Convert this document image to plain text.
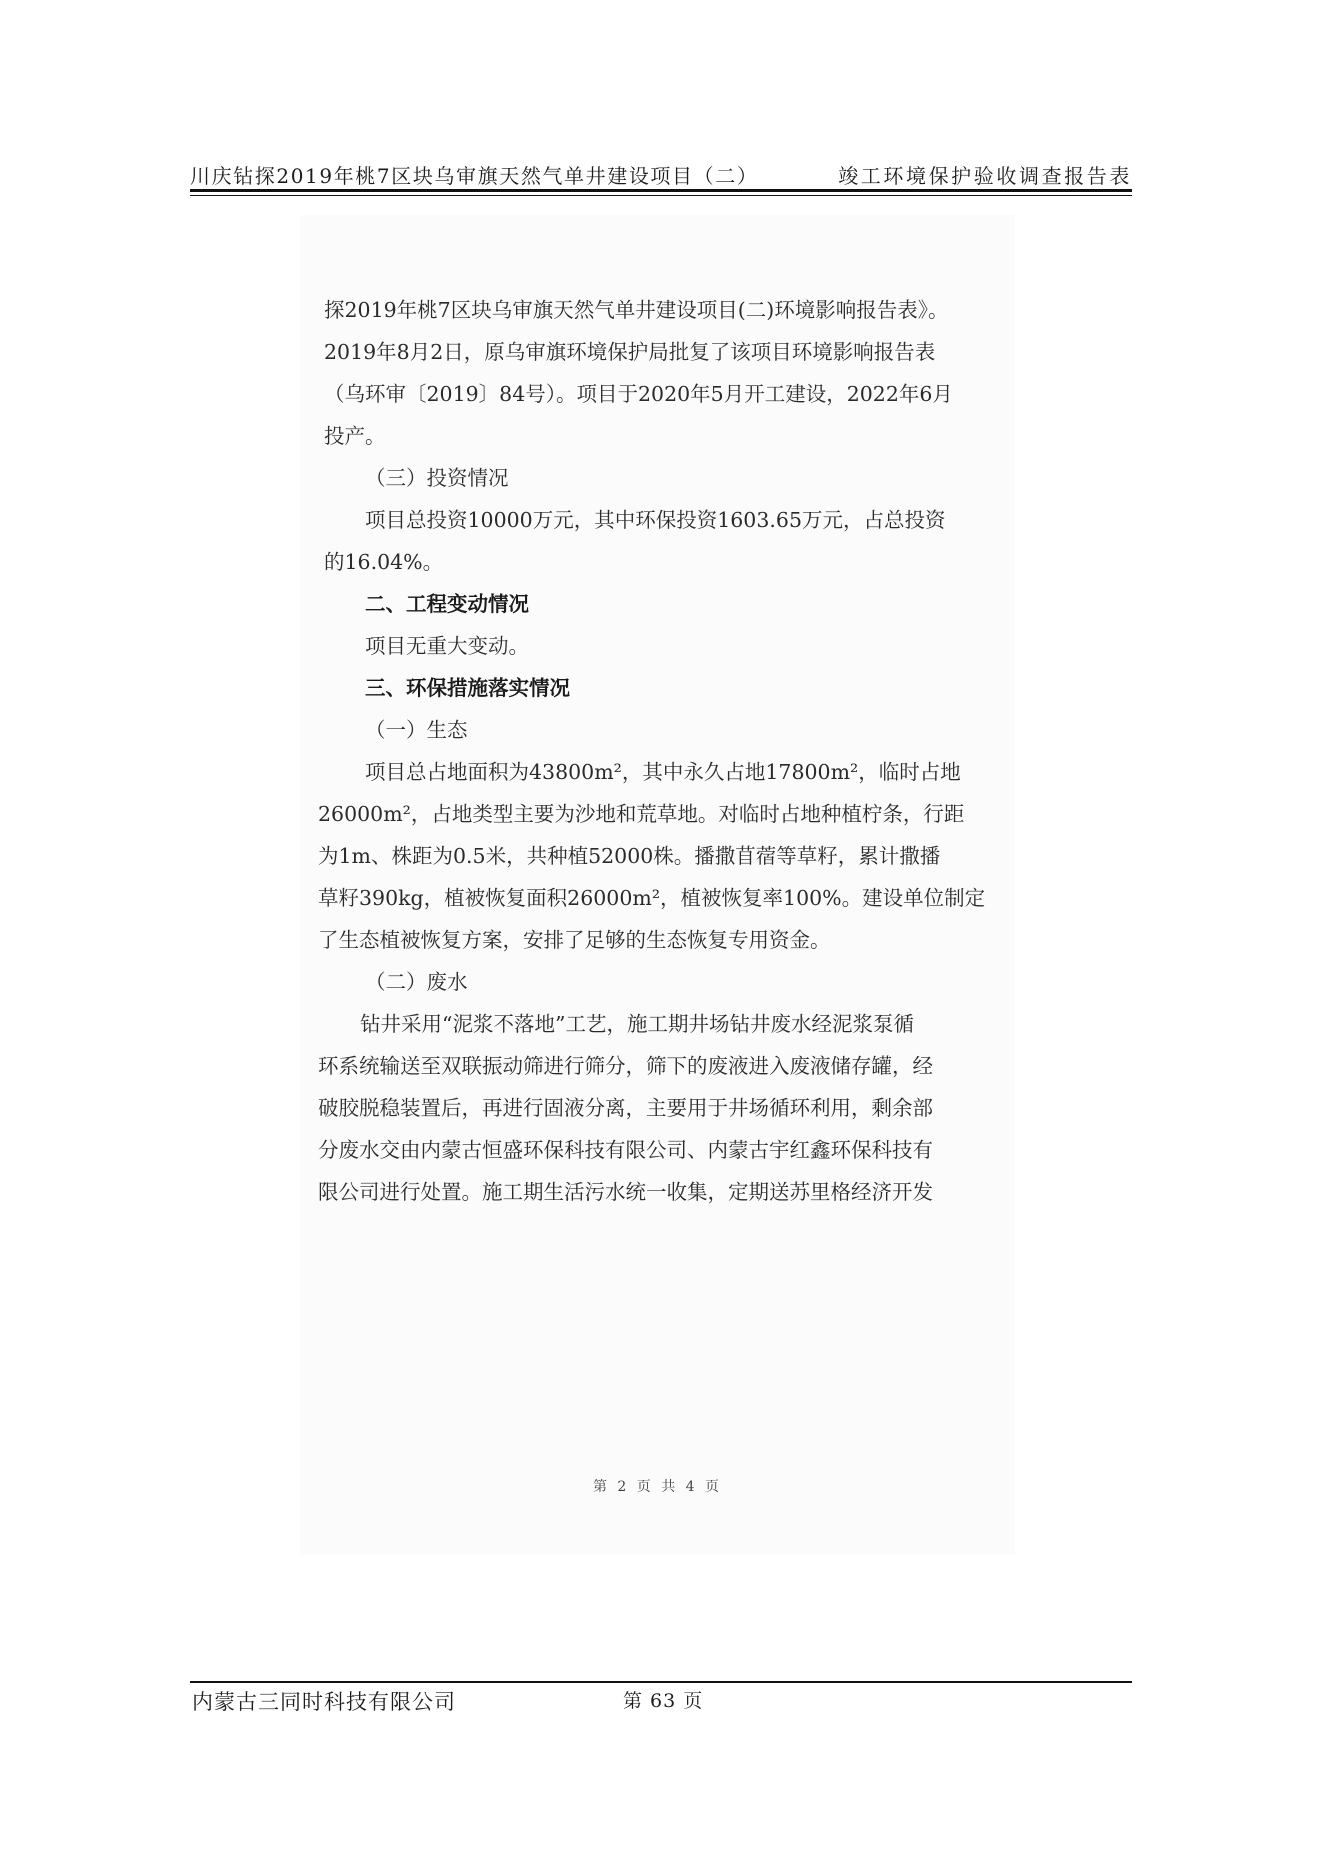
川庆钻探2019年桃7区块乌审旗天然气单井建设项目（二）	竣工环境保护验收调查报告表
探2019年桃7区块乌审旗天然气单井建设项目(二)环境影响报告表》。
2019年8月2日，原乌审旗环境保护局批复了该项目环境影响报告表
（乌环审〔2019〕84号）。项目于2020年5月开工建设，2022年6月
投产。
（三）投资情况
项目总投资10000万元，其中环保投资1603.65万元，占总投资
的16.04%。
二、工程变动情况
项目无重大变动。
三、环保措施落实情况
（一）生态
项目总占地面积为43800m²，其中永久占地17800m²，临时占地
26000m²，占地类型主要为沙地和荒草地。对临时占地种植柠条，行距
为1m、株距为0.5米，共种植52000株。播撒苜蓿等草籽，累计撒播
草籽390kg，植被恢复面积26000m²，植被恢复率100%。建设单位制定
了生态植被恢复方案，安排了足够的生态恢复专用资金。
（二）废水
钻井采用“泥浆不落地”工艺，施工期井场钻井废水经泥浆泵循
环系统输送至双联振动筛进行筛分，筛下的废液进入废液储存罐，经
破胶脱稳装置后，再进行固液分离，主要用于井场循环利用，剩余部
分废水交由内蒙古恒盛环保科技有限公司、内蒙古宇红鑫环保科技有
限公司进行处置。施工期生活污水统一收集，定期送苏里格经济开发
第 2 页 共 4 页
内蒙古三同时科技有限公司	第 63 页
